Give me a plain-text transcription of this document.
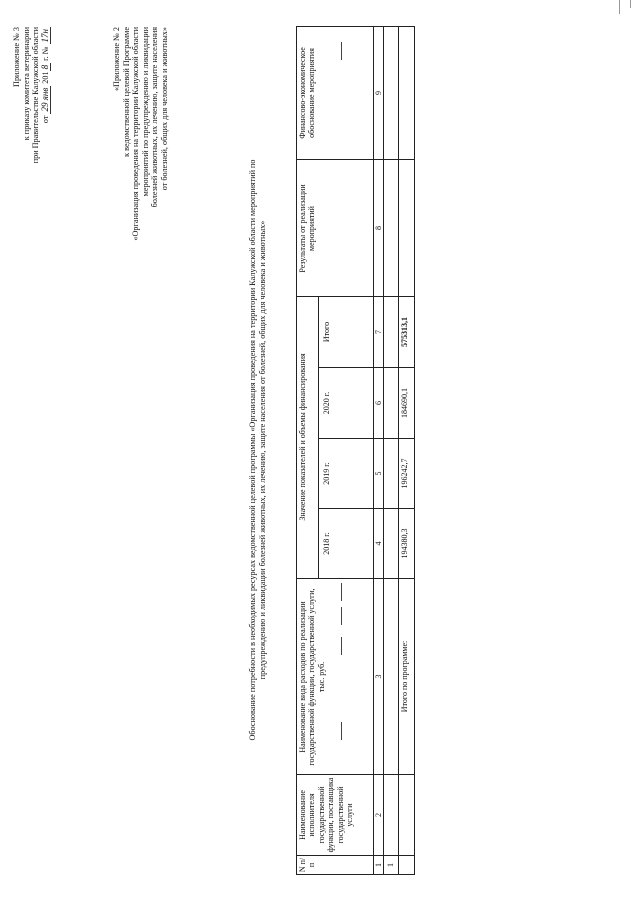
Приложение № 3 к приказу комитета ветеринарии при Правительстве Калужской области от 29 янв 2018 г. № 17н	«Приложение № 2 к ведомственной целевой Программе «Организация проведения на территории Калужской области мероприятий по предупреждению и ликвидации болезней животных, их лечению, защите населения от болезней, общих для человека и животных»
Обоснование потребности в необходимых ресурсах ведомственной целевой программы «Организация проведения на территории Калужской области мероприятий по предупреждению и ликвидации болезней животных, их лечению, защите населения от болезней, общих для человека и животных»
N п/п
Наименование исполнителя государственной функции, поставщика государственной услуги
Наименование вида расходов по реализации государственной функции, государственной услуги, тыс. руб.
Значение показателей и объемы финансирования
2018 г.
2019 г.
2020 г.
Итого
Результаты от реализации мероприятий
Финансово-экономическое обоснование мероприятия
1
2
3
4
5
6
7
8
9
1
Итого по программе:
194380,3
196242,7
184690,1
575313,1
